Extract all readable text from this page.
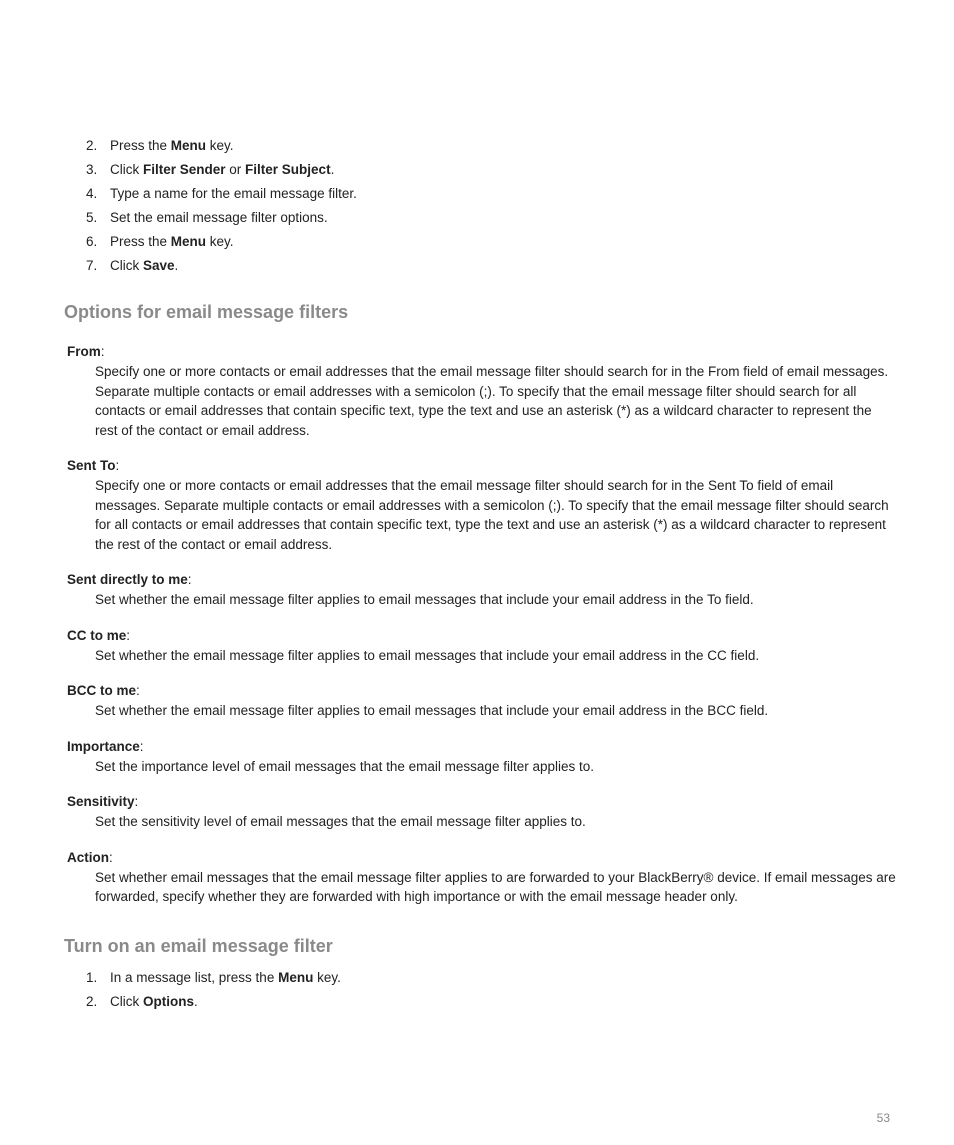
2. Press the Menu key.
3. Click Filter Sender or Filter Subject.
4. Type a name for the email message filter.
5. Set the email message filter options.
6. Press the Menu key.
7. Click Save.
Options for email message filters

From:

Specify one or more contacts or email addresses that the email message filter should search for in the From field of email messages. Separate multiple contacts or email addresses with a semicolon (;). To specify that the email message filter should search for all contacts or email addresses that contain specific text, type the text and use an asterisk (*) as a wildcard character to represent the rest of the contact or email address.

Sent To:

Specify one or more contacts or email addresses that the email message filter should search for in the Sent To field of email messages. Separate multiple contacts or email addresses with a semicolon (;). To specify that the email message filter should search for all contacts or email addresses that contain specific text, type the text and use an asterisk (*) as a wildcard character to represent the rest of the contact or email address.

Sent directly to me:

Set whether the email message filter applies to email messages that include your email address in the To field.

CC to me:

Set whether the email message filter applies to email messages that include your email address in the CC field.

BCC to me:

Set whether the email message filter applies to email messages that include your email address in the BCC field.

Importance:

Set the importance level of email messages that the email message filter applies to.

Sensitivity:

Set the sensitivity level of email messages that the email message filter applies to.

Action:

Set whether email messages that the email message filter applies to are forwarded to your BlackBerry® device. If email messages are forwarded, specify whether they are forwarded with high importance or with the email message header only.

Turn on an email message filter
1. In a message list, press the Menu key.
2. Click Options.
53
